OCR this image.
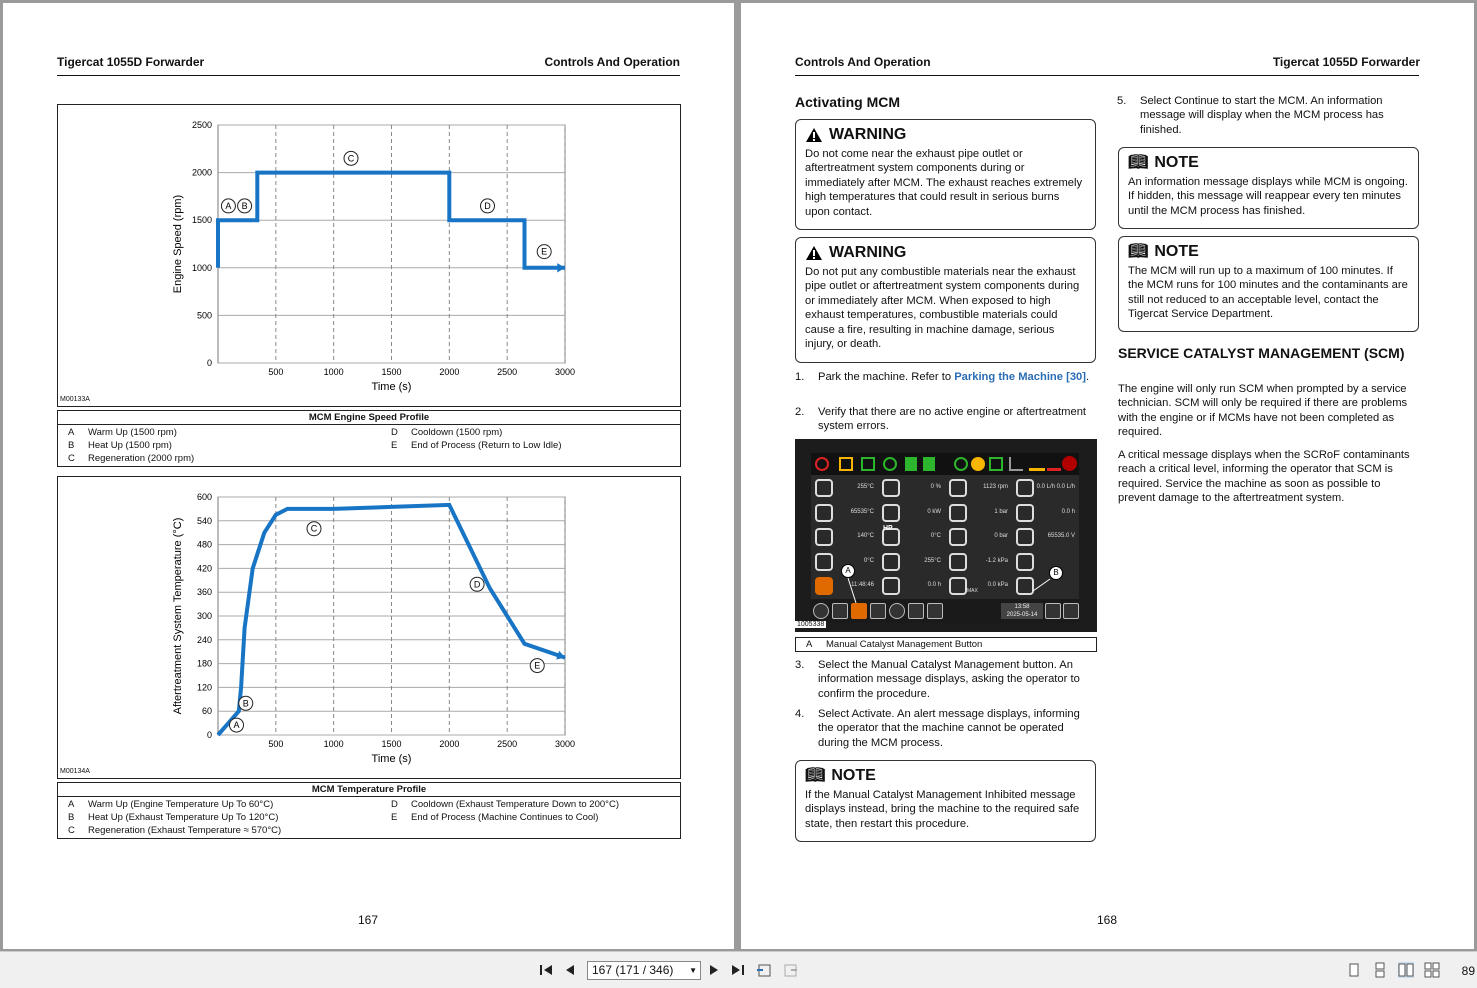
Tigercat 1055D Forwarder	Controls And Operation
0
500
1000
1500
2000
2500
500	1000	1500	2000	2500	3000
Time (s)
Engine Speed (rpm)	A B
C
D
E
M00133A
MCM Engine Speed Profile
A Warm Up (1500 rpm)
B Heat Up (1500 rpm)
C Regeneration (2000 rpm)
D Cooldown (1500 rpm)
E End of Process (Return to Low Idle)
0
60
120
180
240
300
360
420
480
540
600
500	1000	1500	2000	2500	3000
Time (s)
Aftertreatment System Temperature (°C)
A
B
C
D
E
M00134A
MCM Temperature Profile
A Warm Up (Engine Temperature Up To 60°C)
B Heat Up (Exhaust Temperature Up To 120°C)
C Regeneration (Exhaust Temperature ≈ 570°C)
D Cooldown (Exhaust Temperature Down to 200°C)
E End of Process (Machine Continues to Cool)
167
Controls And Operation	Tigercat 1055D Forwarder
Activating MCM
WARNING
Do not come near the exhaust pipe outlet or aftertreatment system components during or immediately after MCM. The exhaust reaches extremely high temperatures that could result in serious burns upon contact.
WARNING
Do not put any combustible materials near the exhaust pipe outlet or aftertreatment system components during or immediately after MCM. When exposed to high exhaust temperatures, combustible materials could cause a fire, resulting in machine damage, serious injury, or death.
1. Park the machine. Refer to Parking the Machine [30].
2. Verify that there are no active engine or aftertreatment system errors.
255°C	0 %	1123 rpm	0.0 L/h 0.0 L/h
65535°C	0 kW	1 bar	0.0 h
140°C	0°C	0 bar	65535.0 V
0°C	255°C	-1.2 kPa
11:48:46	0.0 h	0.0 kPa
HP
MAX
13:58
2025-05-14
A	B
1005338
A Manual Catalyst Management Button
3. Select the Manual Catalyst Management button. An information message displays, asking the operator to confirm the procedure.
4. Select Activate. An alert message displays, informing the operator that the machine cannot be operated during the MCM process.
📖︎ NOTE
If the Manual Catalyst Management Inhibited message displays instead, bring the machine to the required safe state, then restart this procedure.
5. Select Continue to start the MCM. An information message will display when the MCM process has finished.
📖︎ NOTE
An information message displays while MCM is ongoing. If hidden, this message will reappear every ten minutes until the MCM process has finished.
📖︎ NOTE
The MCM will run up to a maximum of 100 minutes. If the MCM runs for 100 minutes and the contaminants are still not reduced to an acceptable level, contact the Tigercat Service Department.
SERVICE CATALYST MANAGEMENT (SCM)
The engine will only run SCM when prompted by a service technician. SCM will only be required if there are problems with the engine or if MCMs have not been completed as required.
A critical message displays when the SCRoF contaminants reach a critical level, informing the operator that SCM is required. Service the machine as soon as possible to prevent damage to the aftertreatment system.
168
167 (171 / 346) ▼	89
